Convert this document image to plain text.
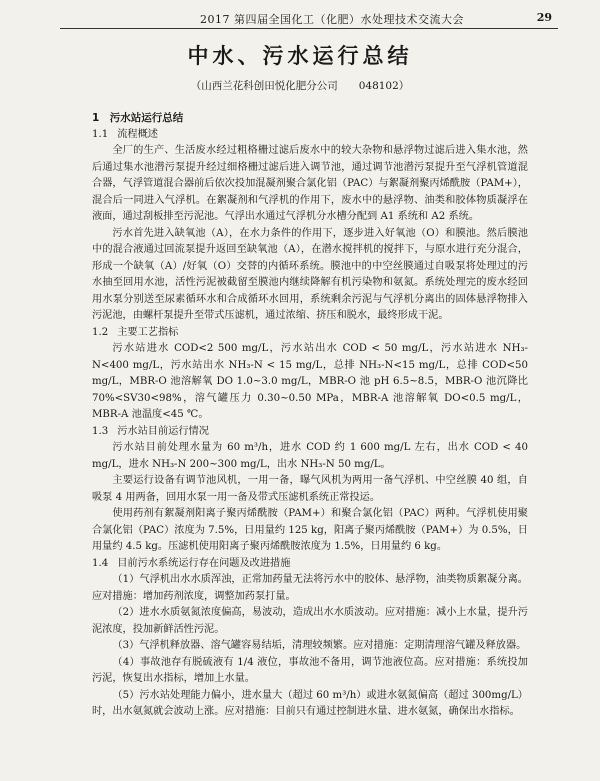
2017 第四届全国化工（化肥）水处理技术交流大会	29
中水、污水运行总结
（山西兰花科创田悦化肥分公司　　048102）
1　污水站运行总结
1.1 流程概述

全厂的生产、生活废水经过粗格栅过滤后废水中的较大杂物和悬浮物过滤后进入集水池，然后通过集水池潜污泵提升经过细格栅过滤后进入调节池，通过调节池潜污泵提升至气浮机管道混合器，气浮管道混合器前后依次投加混凝剂聚合氯化铝（PAC）与絮凝剂聚丙烯酰胺（PAM+），混合后一同进入气浮机。在絮凝剂和气浮机的作用下，废水中的悬浮物、油类和胶体物质凝浮在液面，通过刮板排至污泥池。气浮出水通过气浮机分水槽分配到 A1 系统和 A2 系统。

污水首先进入缺氧池（A），在水力条件的作用下，逐步进入好氧池（O）和膜池。然后膜池中的混合液通过回流泵提升返回至缺氧池（A），在潜水搅拌机的搅拌下，与原水进行充分混合，形成一个缺氧（A）/好氧（O）交替的内循环系统。膜池中的中空丝膜通过自吸泵将处理过的污水抽至回用水池，活性污泥被截留至膜池内继续降解有机污染物和氨氮。系统处理完的废水经回用水泵分别送至尿素循环水和合成循环水回用，系统剩余污泥与气浮机分离出的固体悬浮物排入污泥池，由螺杆泵提升至带式压滤机，通过浓缩、挤压和脱水，最终形成干泥。

1.2 主要工艺指标

污水站进水 COD<2 500 mg/L，污水站出水 COD < 50 mg/L，污水站进水 NH₃-N<400 mg/L，污水站出水 NH₃-N < 15 mg/L，总排 NH₃-N<15 mg/L，总排 COD<50 mg/L，MBR-O 池溶解氧 DO 1.0~3.0 mg/L，MBR-O 池 pH 6.5~8.5，MBR-O 池沉降比 70%<SV30<98%，溶气罐压力 0.30~0.50 MPa，MBR-A 池溶解氧 DO<0.5 mg/L，MBR-A 池温度<45 ℃。

1.3 污水站目前运行情况

污水站目前处理水量为 60 m³/h，进水 COD 约 1 600 mg/L 左右，出水 COD < 40 mg/L，进水 NH₃-N 200~300 mg/L，出水 NH₃-N 50 mg/L。

主要运行设备有调节池风机，一用一备，曝气风机为两用一备气浮机、中空丝膜 40 组，自吸泵 4 用两备，回用水泵一用一备及带式压滤机系统正常投运。

使用药剂有絮凝剂阳离子聚丙烯酰胺（PAM+）和聚合氯化铝（PAC）两种。气浮机使用聚合氯化铝（PAC）浓度为 7.5%，日用量约 125 kg，阳离子聚丙烯酰胺（PAM+）为 0.5%，日用量约 4.5 kg。压滤机使用阳离子聚丙烯酰胺浓度为 1.5%，日用量约 6 kg。

1.4 目前污水系统运行存在问题及改进措施

（1）气浮机出水水质浑浊，正常加药量无法将污水中的胶体、悬浮物，油类物质絮凝分离。应对措施：增加药剂浓度，调整加药泵打量。

（2）进水水质氨氮浓度偏高，易波动，造成出水水质波动。应对措施：减小上水量，提升污泥浓度，投加新鲜活性污泥。

（3）气浮机释放器、溶气罐容易结垢，清理较频繁。应对措施：定期清理溶气罐及释放器。

（4）事故池存有脱硫液有 1/4 液位，事故池不备用，调节池液位高。应对措施：系统投加污泥，恢复出水指标，增加上水量。

（5）污水站处理能力偏小，进水量大（超过 60 m³/h）或进水氨氮偏高（超过 300mg/L）时，出水氨氮就会波动上涨。应对措施：目前只有通过控制进水量、进水氨氮，确保出水指标。
